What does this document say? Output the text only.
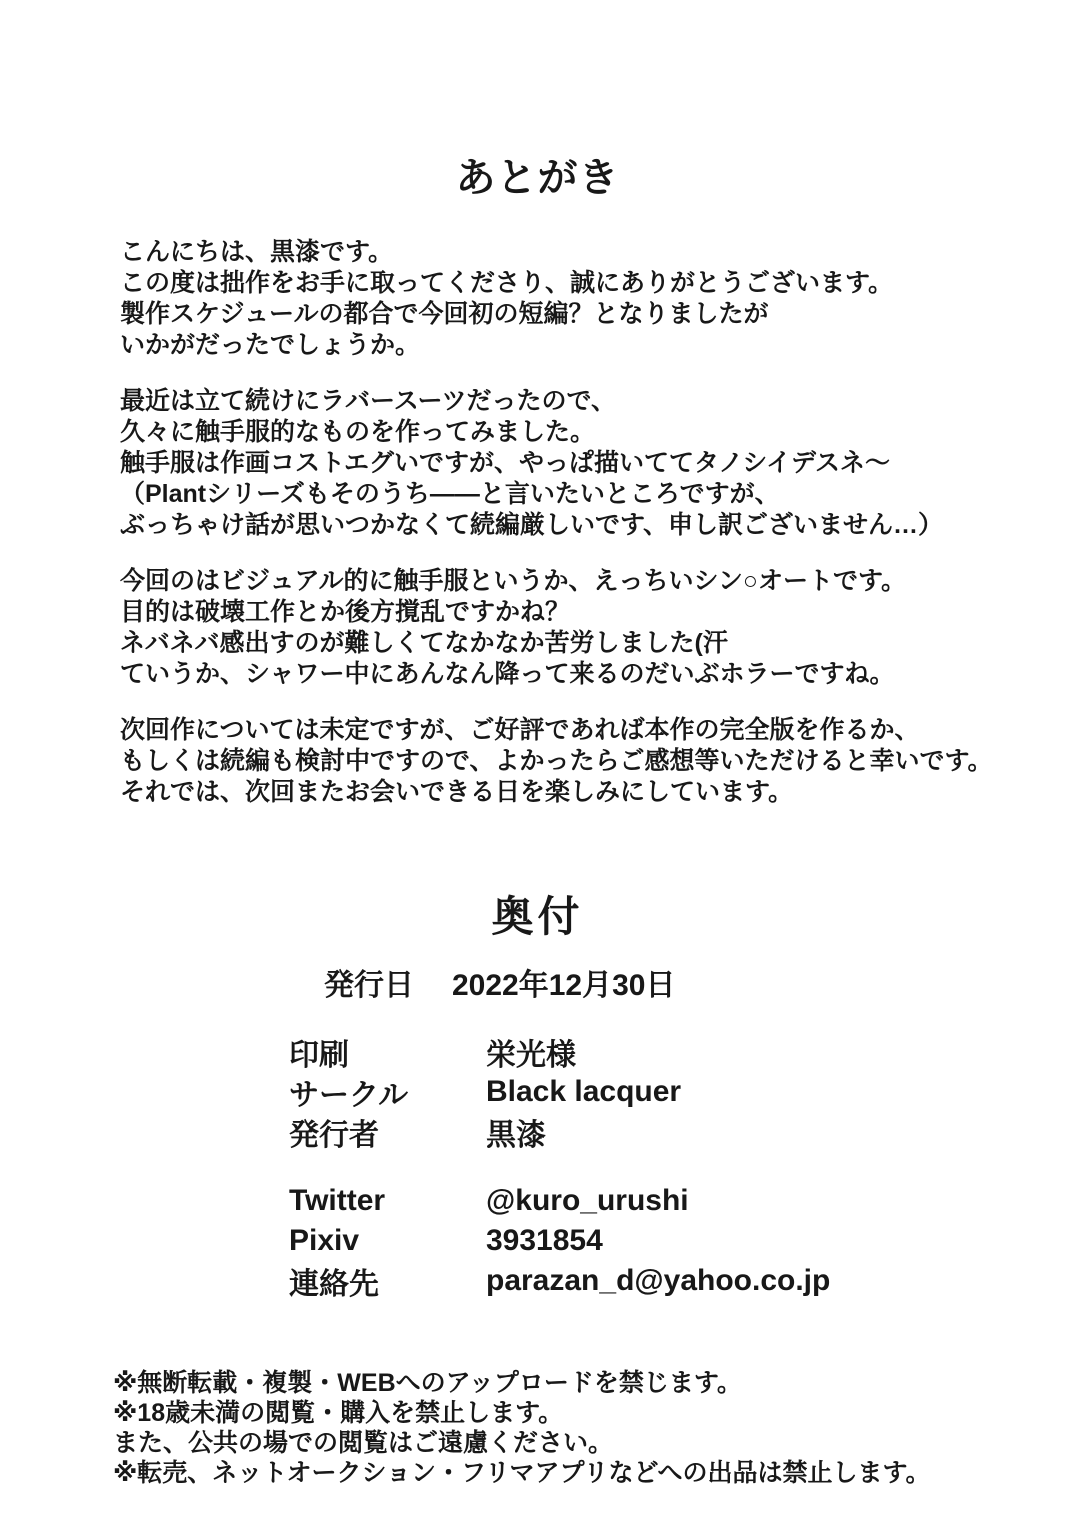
あとがき

こんにちは、黒漆です。
この度は拙作をお手に取ってくださり、誠にありがとうございます。
製作スケジュールの都合で今回初の短編？となりましたが
いかがだったでしょうか。

最近は立て続けにラバースーツだったので、
久々に触手服的なものを作ってみました。
触手服は作画コストエグいですが、やっぱ描いててタノシイデスネ～
（Plantシリーズもそのうち――と言いたいところですが、
ぶっちゃけ話が思いつかなくて続編厳しいです、申し訳ございません…）

今回のはビジュアル的に触手服というか、えっちいシン○オートです。
目的は破壊工作とか後方撹乱ですかね？
ネバネバ感出すのが難しくてなかなか苦労しました(汗
ていうか、シャワー中にあんなん降って来るのだいぶホラーですね。

次回作については未定ですが、ご好評であれば本作の完全版を作るか、
もしくは続編も検討中ですので、よかったらご感想等いただけると幸いです。
それでは、次回またお会いできる日を楽しみにしています。

奥付
発行日 2022年12月30日
印刷	栄光様
サークル	Black lacquer
発行者	黒漆
Twitter	@kuro_urushi
Pixiv	3931854
連絡先	parazan_d@yahoo.co.jp
※無断転載・複製・WEBへのアップロードを禁じます。
※18歳未満の閲覧・購入を禁止します。
また、公共の場での閲覧はご遠慮ください。
※転売、ネットオークション・フリマアプリなどへの出品は禁止します。
